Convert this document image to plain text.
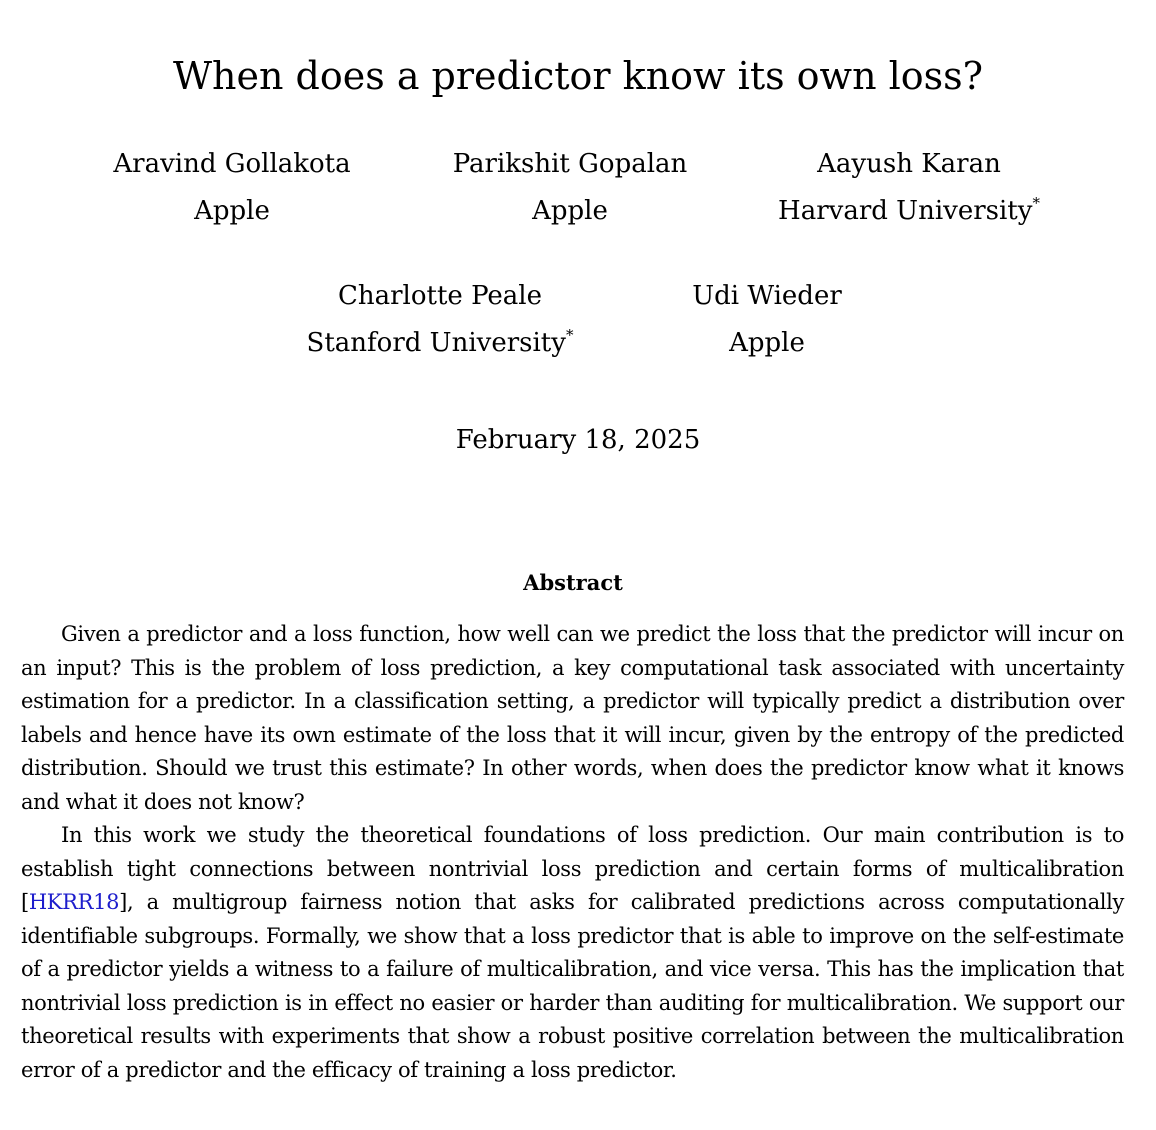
When does a predictor know its own loss?
Aravind Gollakota
Apple
Parikshit Gopalan
Apple
Aayush Karan
Harvard University*
Charlotte Peale
Stanford University*
Udi Wieder
Apple
February 18, 2025
Abstract

Given a predictor and a loss function, how well can we predict the loss that the predictor will incur on an input? This is the problem of loss prediction, a key computational task associated with uncertainty estimation for a predictor. In a classification setting, a predictor will typically predict a distribution over labels and hence have its own estimate of the loss that it will incur, given by the entropy of the predicted distribution. Should we trust this estimate? In other words, when does the predictor know what it knows and what it does not know?

In this work we study the theoretical foundations of loss prediction. Our main contribution is to establish tight connections between nontrivial loss prediction and certain forms of multicalibration [HKRR18], a multigroup fairness notion that asks for calibrated predictions across computationally identifiable subgroups. Formally, we show that a loss predictor that is able to improve on the self-estimate of a predictor yields a witness to a failure of multicalibration, and vice versa. This has the implication that nontrivial loss prediction is in effect no easier or harder than auditing for multicalibration. We support our theoretical results with experiments that show a robust positive correlation between the multicalibration error of a predictor and the efficacy of training a loss predictor.
